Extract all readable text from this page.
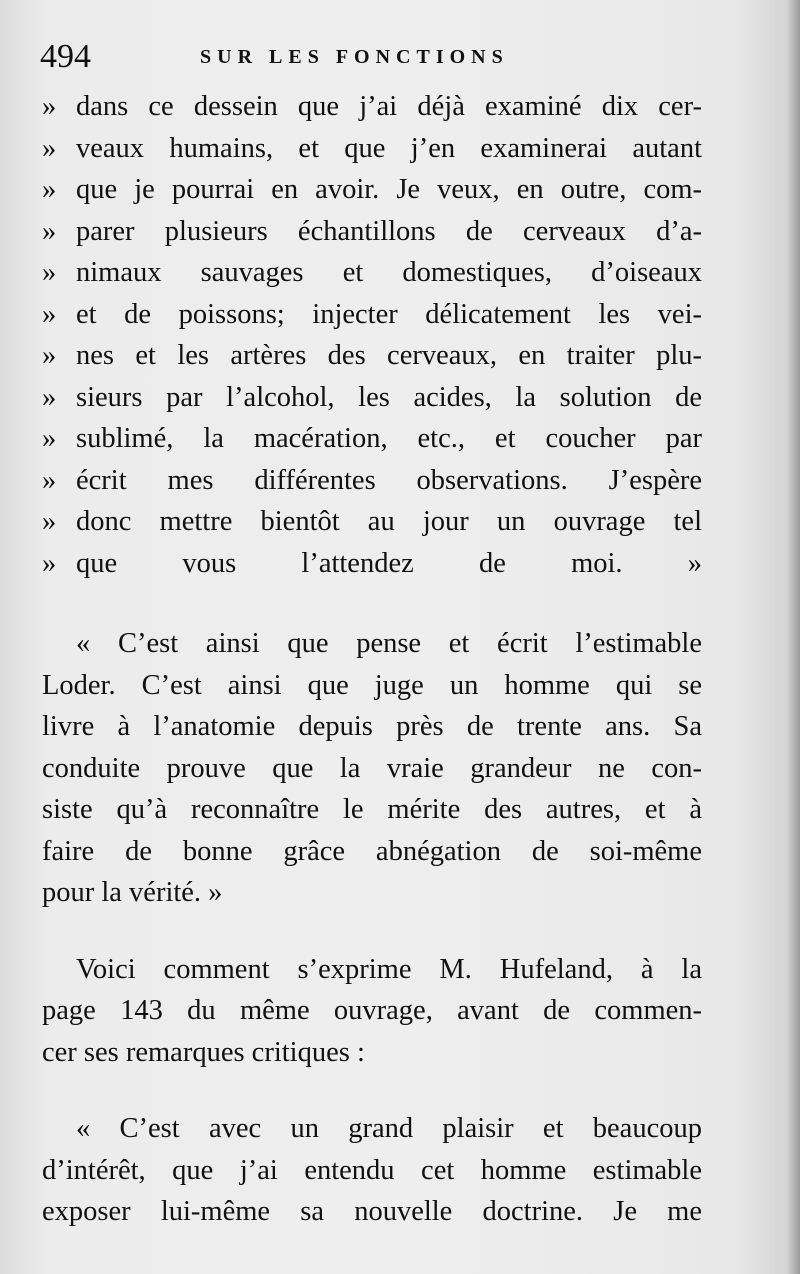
494	SUR LES FONCTIONS
» dans ce dessein que j’ai déjà examiné dix cer-
» veaux humains, et que j’en examinerai autant
» que je pourrai en avoir. Je veux, en outre, com-
» parer plusieurs échantillons de cerveaux d’a-
» nimaux sauvages et domestiques, d’oiseaux
» et de poissons; injecter délicatement les vei-
» nes et les artères des cerveaux, en traiter plu-
» sieurs par l’alcohol, les acides, la solution de
» sublimé, la macération, etc., et coucher par
» écrit mes différentes observations. J’espère
» donc mettre bientôt au jour un ouvrage tel
» que vous l’attendez de moi. »
« C’est ainsi que pense et écrit l’estimable
Loder. C’est ainsi que juge un homme qui se
livre à l’anatomie depuis près de trente ans. Sa
conduite prouve que la vraie grandeur ne con-
siste qu’à reconnaître le mérite des autres, et à
faire de bonne grâce abnégation de soi-même
pour la vérité. »
Voici comment s’exprime M. Hufeland, à la
page 143 du même ouvrage, avant de commen-
cer ses remarques critiques :
« C’est avec un grand plaisir et beaucoup
d’intérêt, que j’ai entendu cet homme estimable
exposer lui-même sa nouvelle doctrine. Je me
